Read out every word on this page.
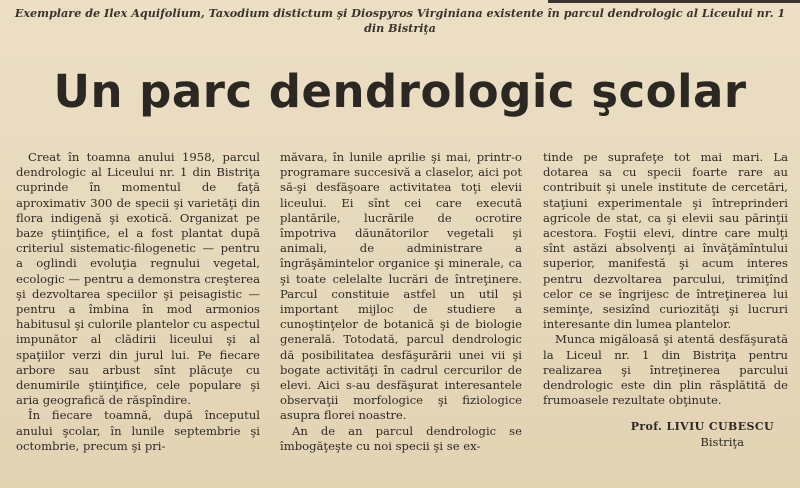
Exemplare de Ilex Aquifolium, Taxodium distictum şi Diospyros Virginiana existente în parcul dendrologic al Liceului nr. 1 din Bistriţa
Un parc dendrologic şcolar

Creat în toamna anului 1958, parcul dendrologic al Liceului nr. 1 din Bistriţa cuprinde în momentul de faţă aproximativ 300 de specii şi varietăţi din flora indigenă şi exotică. Organizat pe baze ştiinţifice, el a fost plantat după criteriul sistematic-filogenetic — pentru a oglindi evoluţia regnului vegetal, ecologic — pentru a demonstra creşterea şi dezvoltarea speciilor şi peisagistic — pentru a îmbina în mod armonios habitusul şi culorile plantelor cu aspectul impunător al clădirii liceului şi al spaţiilor verzi din jurul lui. Pe fiecare arbore sau arbust sînt plăcuţe cu denumirile ştiinţifice, cele populare şi aria geografică de răspîndire.

În fiecare toamnă, după începutul anului şcolar, în lunile septembrie şi octombrie, precum şi pri-

măvara, în lunile aprilie şi mai, printr-o programare succesivă a claselor, aici pot să-şi desfăşoare activitatea toţi elevii liceului. Ei sînt cei care execută plantările, lucrările de ocrotire împotriva dăunătorilor vegetali şi animali, de administrare a îngrăşămintelor organice şi minerale, ca şi toate celelalte lucrări de întreţinere. Parcul constituie astfel un util şi important mijloc de studiere a cunoştinţelor de botanică şi de biologie generală. Totodată, parcul dendrologic dă posibilitatea desfăşurării unei vii şi bogate activităţi în cadrul cercurilor de elevi. Aici s-au desfăşurat interesantele observaţii morfologice şi fiziologice asupra florei noastre.

An de an parcul dendrologic se îmbogăţeşte cu noi specii şi se ex-

tinde pe suprafeţe tot mai mari. La dotarea sa cu specii foarte rare au contribuit şi unele institute de cercetări, staţiuni experimentale şi întreprinderi agricole de stat, ca şi elevii sau părinţii acestora. Foştii elevi, dintre care mulţi sînt astăzi absolvenţi ai învăţămîntului superior, manifestă şi acum interes pentru dezvoltarea parcului, trimiţînd celor ce se îngrijesc de întreţinerea lui seminţe, sesizînd curiozităţi şi lucruri interesante din lumea plantelor.

Munca migăloasă şi atentă desfăşurată la Liceul nr. 1 din Bistriţa pentru realizarea şi întreţinerea parcului dendrologic este din plin răsplătită de frumoasele rezultate obţinute.

Prof. LIVIU CUBESCU
Bistriţa
